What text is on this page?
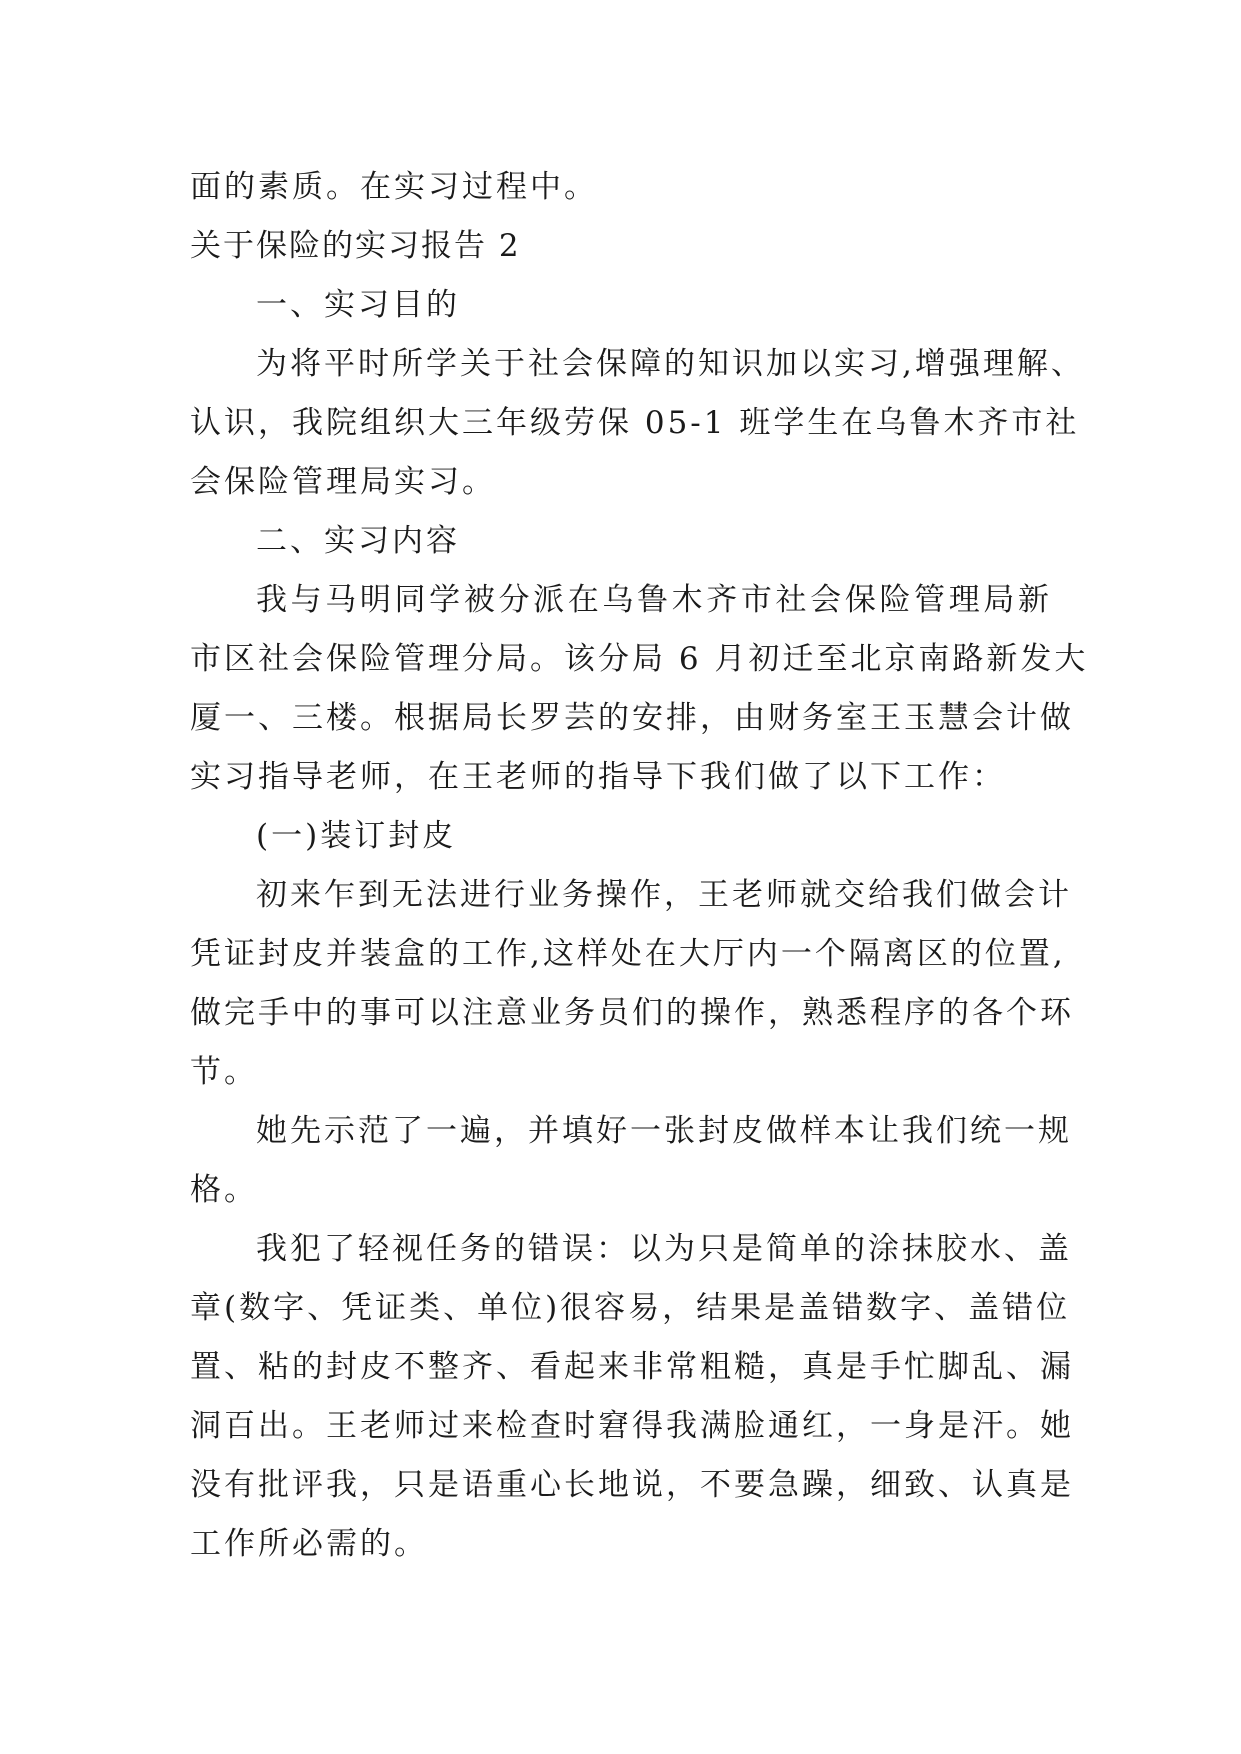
面的素质。在实习过程中。
关于保险的实习报告 2
一、实习目的
为将平时所学关于社会保障的知识加以实习,增强理解、
认识，我院组织大三年级劳保 05-1 班学生在乌鲁木齐市社
会保险管理局实习。
二、实习内容
我与马明同学被分派在乌鲁木齐市社会保险管理局新
市区社会保险管理分局。该分局 6 月初迁至北京南路新发大
厦一、三楼。根据局长罗芸的安排，由财务室王玉慧会计做
实习指导老师，在王老师的指导下我们做了以下工作：
(一)装订封皮
初来乍到无法进行业务操作，王老师就交给我们做会计
凭证封皮并装盒的工作,这样处在大厅内一个隔离区的位置,
做完手中的事可以注意业务员们的操作，熟悉程序的各个环
节。
她先示范了一遍，并填好一张封皮做样本让我们统一规
格。
我犯了轻视任务的错误：以为只是简单的涂抹胶水、盖
章(数字、凭证类、单位)很容易，结果是盖错数字、盖错位
置、粘的封皮不整齐、看起来非常粗糙，真是手忙脚乱、漏
洞百出。王老师过来检查时窘得我满脸通红，一身是汗。她
没有批评我，只是语重心长地说，不要急躁，细致、认真是
工作所必需的。
